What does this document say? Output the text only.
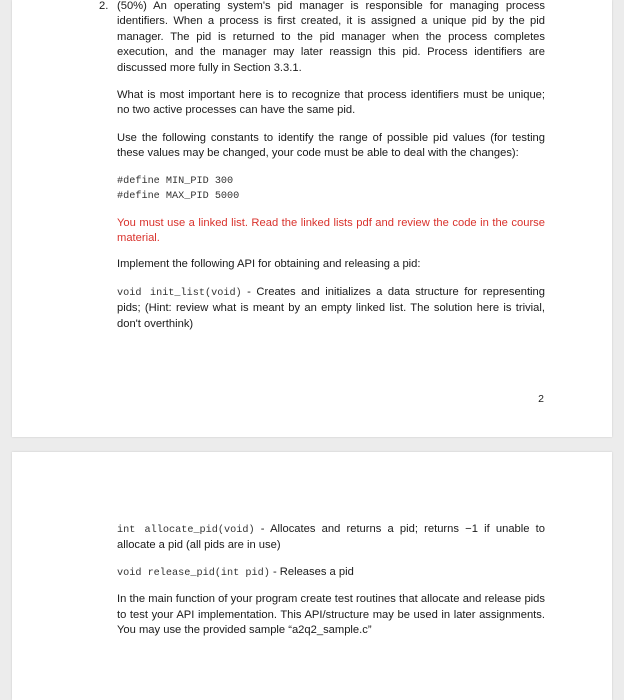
2. (50%) An operating system's pid manager is responsible for managing process identifiers. When a process is first created, it is assigned a unique pid by the pid manager. The pid is returned to the pid manager when the process completes execution, and the manager may later reassign this pid. Process identifiers are discussed more fully in Section 3.3.1.

What is most important here is to recognize that process identifiers must be unique; no two active processes can have the same pid.

Use the following constants to identify the range of possible pid values (for testing these values may be changed, your code must be able to deal with the changes):

#define MIN_PID 300
#define MAX_PID 5000

You must use a linked list. Read the linked lists pdf and review the code in the course material.

Implement the following API for obtaining and releasing a pid:

void init_list(void) - Creates and initializes a data structure for representing pids; (Hint: review what is meant by an empty linked list. The solution here is trivial, don't overthink)

2

int allocate_pid(void) - Allocates and returns a pid; returns −1 if unable to allocate a pid (all pids are in use)

void release_pid(int pid) - Releases a pid

In the main function of your program create test routines that allocate and release pids to test your API implementation. This API/structure may be used in later assignments. You may use the provided sample “a2q2_sample.c”
